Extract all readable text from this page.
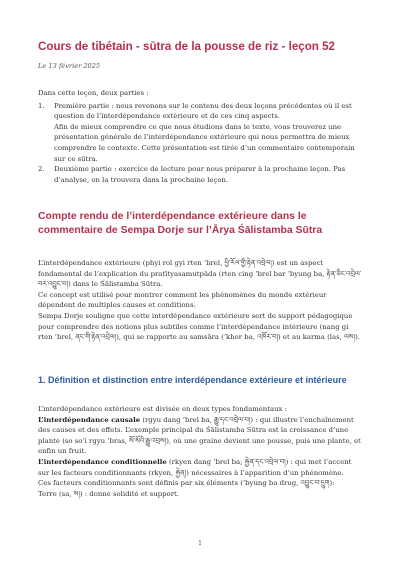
Cours de tibétain - sūtra de la pousse de riz - leçon 52
Le 13 février 2025

Dans cette leçon, deux parties :

1. Première partie : nous revenons sur le contenu des deux leçons précédentes où il est question de l’interdépendance extérieure et de ces cinq aspects.
Afin de mieux comprendre ce que nous étudions dans le texte, vous trouverez une présentation générale de l’interdépendance extérieure qui nous permettra de mieux comprendre le contexte. Cette présentation est tirée d’un commentaire contemporain sur ce sūtra.
2. Deuxième partie : exercice de lecture pour nous préparer à la prochaine leçon. Pas d’analyse, on la trouvera dans la prochaine leçon.
Compte rendu de l’interdépendance extérieure dans le commentaire de Sempa Dorje sur l’Ārya Śālistamba Sūtra

L’interdépendance extérieure (phyi rol gyi rten ’brel, ཕྱི་རོལ་གྱི་རྟེན་འབྲེལ།) est un aspect fondamental de l’explication du pratītyasamutpāda (rten cing ’brel bar ’byung ba, རྟེན་ཅིང་འབྲེལ་བར་འབྱུང་བ།) dans le Śālistamba Sūtra.

Ce concept est utilisé pour montrer comment les phénomènes du monde extérieur dépendent de multiples causes et conditions.

Sempa Dorje souligne que cette interdépendance extérieure sert de support pédagogique pour comprendre des notions plus subtiles comme l’interdépendance intérieure (nang gi rten ’brel, ནང་གི་རྟེན་འབྲེལ།), qui se rapporte au samsāra (’khor ba, འཁོར་བ།) et au karma (las, ལས།).

1. Définition et distinction entre interdépendance extérieure et intérieure

L’interdépendance extérieure est divisée en deux types fondamentaux :

L’interdépendance causale (rgyu dang ’brel ba, རྒྱུ་དང་འབྲེལ་བ།) : qui illustre l’enchaînement des causes et des effets. L’exemple principal du Śālistamba Sūtra est la croissance d’une plante (so so’i rgyu ’bras, སོ་སོའི་རྒྱུ་འབྲས།), où une graine devient une pousse, puis une plante, et enfin un fruit.

L’interdépendance conditionnelle (rkyen dang ’brel ba, རྐྱེན་དང་འབྲེལ་བ།) : qui met l’accent sur les facteurs conditionnants (rkyen, རྐྱེན།) nécessaires à l’apparition d’un phénomène.

Ces facteurs conditionnants sont définis par six éléments (’byung ba drug, འབྱུང་བ་དྲུག):

Terre (sa, ས།) : donne solidité et support.

1
